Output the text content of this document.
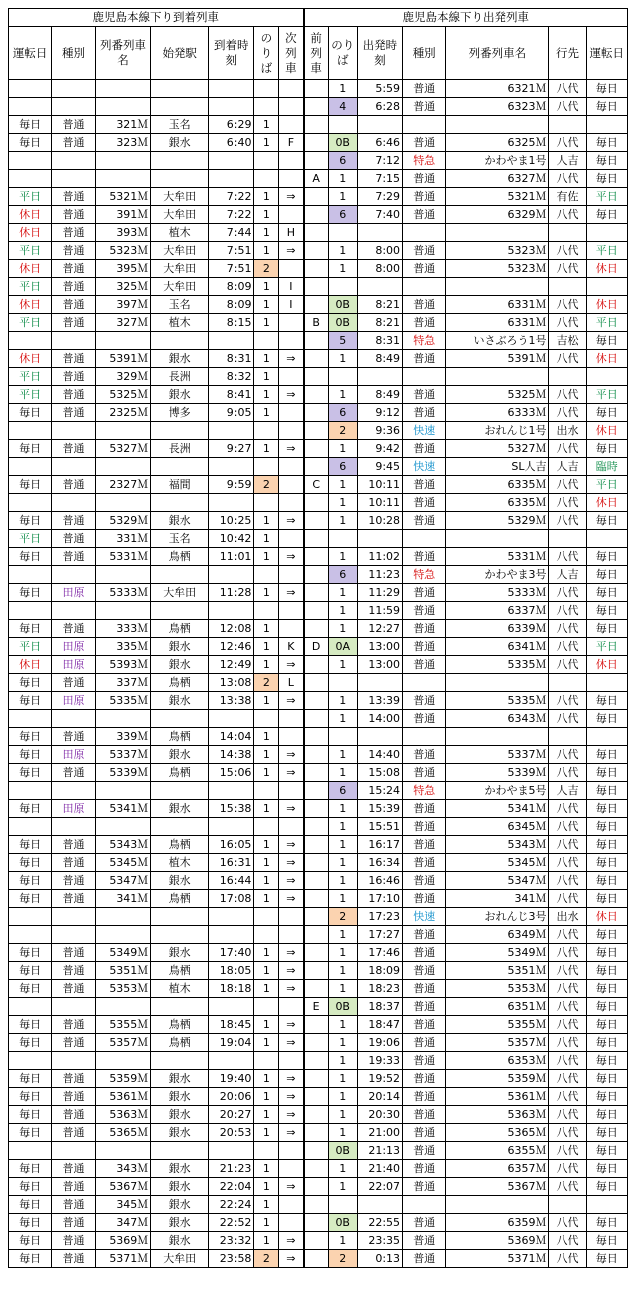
鹿児島本線下り到着列車							鹿児島本線下り出発列車						
運転日	種別	列番列車名	始発駅	到着時刻	のりば	次列車	前列車	のりば	出発時刻	種別	列番列車名	行先	運転日
								1	5:59	普通	6321Ｍ	八代	毎日
								4	6:28	普通	6323Ｍ	八代	毎日
毎日	普通	321Ｍ	玉名	6:29	1								
毎日	普通	323Ｍ	銀水	6:40	1	F		0B	6:46	普通	6325Ｍ	八代	毎日
								6	7:12	特急	かわやま1号	人吉	毎日
							A	1	7:15	普通	6327Ｍ	八代	毎日
平日	普通	5321Ｍ	大牟田	7:22	1	⇒		1	7:29	普通	5321Ｍ	有佐	平日
休日	普通	391Ｍ	大牟田	7:22	1			6	7:40	普通	6329Ｍ	八代	毎日
休日	普通	393Ｍ	植木	7:44	1	H							
平日	普通	5323Ｍ	大牟田	7:51	1	⇒		1	8:00	普通	5323Ｍ	八代	平日
休日	普通	395Ｍ	大牟田	7:51	2			1	8:00	普通	5323Ｍ	八代	休日
平日	普通	325Ｍ	大牟田	8:09	1	I							
休日	普通	397Ｍ	玉名	8:09	1	I		0B	8:21	普通	6331Ｍ	八代	休日
平日	普通	327Ｍ	植木	8:15	1		B	0B	8:21	普通	6331Ｍ	八代	平日
								5	8:31	特急	いさぶろう1号	吉松	毎日
休日	普通	5391Ｍ	銀水	8:31	1	⇒		1	8:49	普通	5391Ｍ	八代	休日
平日	普通	329Ｍ	長洲	8:32	1								
平日	普通	5325Ｍ	銀水	8:41	1	⇒		1	8:49	普通	5325Ｍ	八代	平日
毎日	普通	2325Ｍ	博多	9:05	1			6	9:12	普通	6333Ｍ	八代	毎日
								2	9:36	快速	おれんじ1号	出水	休日
毎日	普通	5327Ｍ	長洲	9:27	1	⇒		1	9:42	普通	5327Ｍ	八代	毎日
								6	9:45	快速	SL人吉	人吉	臨時
毎日	普通	2327Ｍ	福間	9:59	2		C	1	10:11	普通	6335Ｍ	八代	平日
								1	10:11	普通	6335Ｍ	八代	休日
毎日	普通	5329Ｍ	銀水	10:25	1	⇒		1	10:28	普通	5329Ｍ	八代	毎日
平日	普通	331Ｍ	玉名	10:42	1								
毎日	普通	5331Ｍ	鳥栖	11:01	1	⇒		1	11:02	普通	5331Ｍ	八代	毎日
								6	11:23	特急	かわやま3号	人吉	毎日
毎日	田原	5333Ｍ	大牟田	11:28	1	⇒		1	11:29	普通	5333Ｍ	八代	毎日
								1	11:59	普通	6337Ｍ	八代	毎日
毎日	普通	333Ｍ	鳥栖	12:08	1			1	12:27	普通	6339Ｍ	八代	毎日
平日	田原	335Ｍ	銀水	12:46	1	K	D	0A	13:00	普通	6341Ｍ	八代	平日
休日	田原	5393Ｍ	銀水	12:49	1	⇒		1	13:00	普通	5335Ｍ	八代	休日
毎日	普通	337Ｍ	鳥栖	13:08	2	L							
毎日	田原	5335Ｍ	銀水	13:38	1	⇒		1	13:39	普通	5335Ｍ	八代	毎日
								1	14:00	普通	6343Ｍ	八代	毎日
毎日	普通	339Ｍ	鳥栖	14:04	1								
毎日	田原	5337Ｍ	銀水	14:38	1	⇒		1	14:40	普通	5337Ｍ	八代	毎日
毎日	普通	5339Ｍ	鳥栖	15:06	1	⇒		1	15:08	普通	5339Ｍ	八代	毎日
								6	15:24	特急	かわやま5号	人吉	毎日
毎日	田原	5341Ｍ	銀水	15:38	1	⇒		1	15:39	普通	5341Ｍ	八代	毎日
								1	15:51	普通	6345Ｍ	八代	毎日
毎日	普通	5343Ｍ	鳥栖	16:05	1	⇒		1	16:17	普通	5343Ｍ	八代	毎日
毎日	普通	5345Ｍ	植木	16:31	1	⇒		1	16:34	普通	5345Ｍ	八代	毎日
毎日	普通	5347Ｍ	銀水	16:44	1	⇒		1	16:46	普通	5347Ｍ	八代	毎日
毎日	普通	341Ｍ	鳥栖	17:08	1	⇒		1	17:10	普通	341Ｍ	八代	毎日
								2	17:23	快速	おれんじ3号	出水	休日
								1	17:27	普通	6349Ｍ	八代	毎日
毎日	普通	5349Ｍ	銀水	17:40	1	⇒		1	17:46	普通	5349Ｍ	八代	毎日
毎日	普通	5351Ｍ	鳥栖	18:05	1	⇒		1	18:09	普通	5351Ｍ	八代	毎日
毎日	普通	5353Ｍ	植木	18:18	1	⇒		1	18:23	普通	5353Ｍ	八代	毎日
							E	0B	18:37	普通	6351Ｍ	八代	毎日
毎日	普通	5355Ｍ	鳥栖	18:45	1	⇒		1	18:47	普通	5355Ｍ	八代	毎日
毎日	普通	5357Ｍ	鳥栖	19:04	1	⇒		1	19:06	普通	5357Ｍ	八代	毎日
								1	19:33	普通	6353Ｍ	八代	毎日
毎日	普通	5359Ｍ	銀水	19:40	1	⇒		1	19:52	普通	5359Ｍ	八代	毎日
毎日	普通	5361Ｍ	銀水	20:06	1	⇒		1	20:14	普通	5361Ｍ	八代	毎日
毎日	普通	5363Ｍ	銀水	20:27	1	⇒		1	20:30	普通	5363Ｍ	八代	毎日
毎日	普通	5365Ｍ	銀水	20:53	1	⇒		1	21:00	普通	5365Ｍ	八代	毎日
								0B	21:13	普通	6355Ｍ	八代	毎日
毎日	普通	343Ｍ	銀水	21:23	1			1	21:40	普通	6357Ｍ	八代	毎日
毎日	普通	5367Ｍ	銀水	22:04	1	⇒		1	22:07	普通	5367Ｍ	八代	毎日
毎日	普通	345Ｍ	銀水	22:24	1								
毎日	普通	347Ｍ	銀水	22:52	1			0B	22:55	普通	6359Ｍ	八代	毎日
毎日	普通	5369Ｍ	銀水	23:32	1	⇒		1	23:35	普通	5369Ｍ	八代	毎日
毎日	普通	5371Ｍ	大牟田	23:58	2	⇒		2	0:13	普通	5371Ｍ	八代	毎日
